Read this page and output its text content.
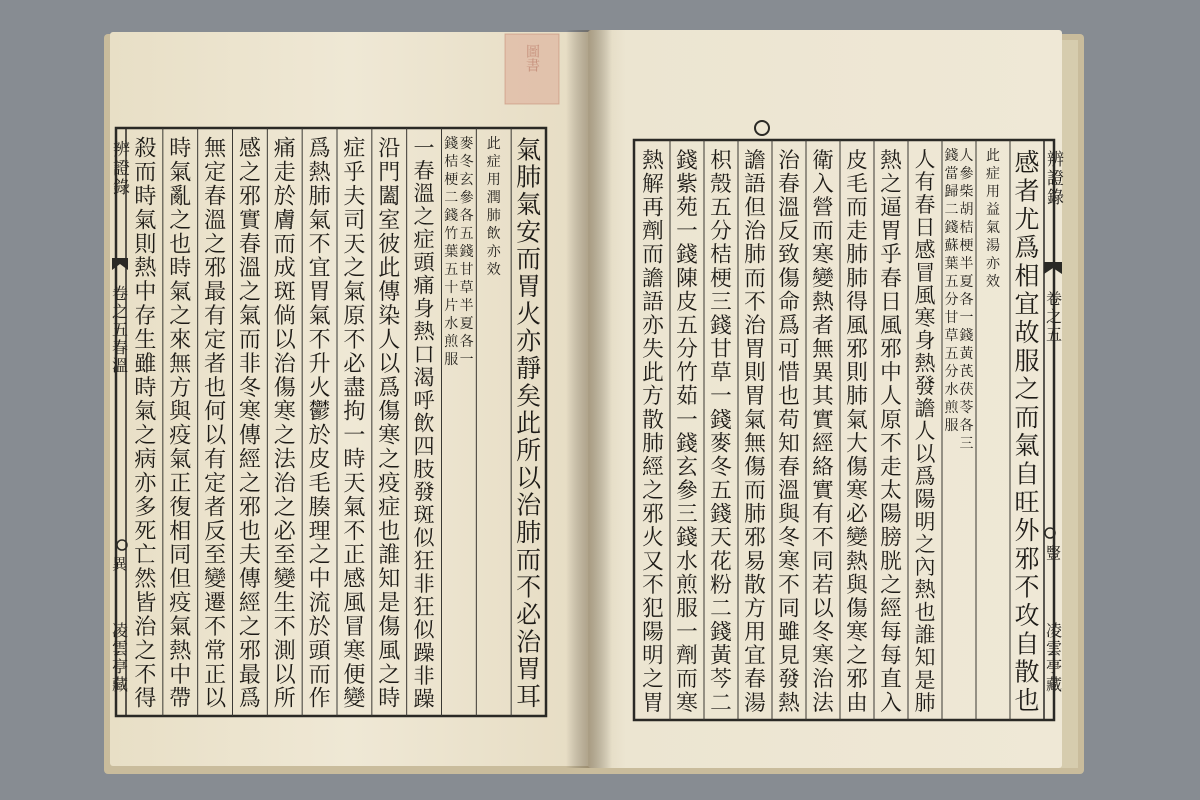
圖書
氣
肺
氣
安
而
胃
火
亦
靜
矣
此
所
以
治
肺
而
不
必
治
胃
耳
此
症
用
潤
肺
飲
亦
效
麥
冬
玄
參
各
五
錢
甘
草
半
夏
各
一
錢
桔
梗
二
錢
竹
葉
五
十
片
水
煎
服
一
春
溫
之
症
頭
痛
身
熱
口
渴
呼
飲
四
肢
發
斑
似
狂
非
狂
似
躁
非
躁
沿
門
闔
室
彼
此
傳
染
人
以
爲
傷
寒
之
疫
症
也
誰
知
是
傷
風
之
時
症
乎
夫
司
天
之
氣
原
不
必
盡
拘
一
時
天
氣
不
正
感
風
冒
寒
便
變
爲
熱
肺
氣
不
宜
胃
氣
不
升
火
鬱
於
皮
毛
腠
理
之
中
流
於
頭
而
作
痛
走
於
膚
而
成
斑
倘
以
治
傷
寒
之
法
治
之
必
至
變
生
不
測
以
所
感
之
邪
實
春
溫
之
氣
而
非
冬
寒
傳
經
之
邪
也
夫
傳
經
之
邪
最
爲
無
定
春
溫
之
邪
最
有
定
者
也
何
以
有
定
者
反
至
變
遷
不
常
正
以
時
氣
亂
之
也
時
氣
之
來
無
方
與
疫
氣
正
復
相
同
但
疫
氣
熱
中
帶
殺
而
時
氣
則
熱
中
存
生
雖
時
氣
之
病
亦
多
死
亡
然
皆
治
之
不
得
感
者
尤
爲
相
宜
故
服
之
而
氣
自
旺
外
邪
不
攻
自
散
也
此
症
用
益
氣
湯
亦
效
人
參
柴
胡
桔
梗
半
夏
各
一
錢
黃
芪
茯
苓
各
三
錢
當
歸
二
錢
蘇
葉
五
分
甘
草
五
分
水
煎
服
人
有
春
日
感
冒
風
寒
身
熱
發
譫
人
以
爲
陽
明
之
內
熱
也
誰
知
是
肺
熱
之
逼
胃
乎
春
日
風
邪
中
人
原
不
走
太
陽
膀
胱
之
經
每
每
直
入
皮
毛
而
走
肺
肺
得
風
邪
則
肺
氣
大
傷
寒
必
變
熱
與
傷
寒
之
邪
由
衛
入
營
而
寒
變
熱
者
無
異
其
實
經
絡
實
有
不
同
若
以
冬
寒
治
法
治
春
溫
反
致
傷
命
爲
可
惜
也
苟
知
春
溫
與
冬
寒
不
同
雖
見
發
熱
譫
語
但
治
肺
而
不
治
胃
則
胃
氣
無
傷
而
肺
邪
易
散
方
用
宜
春
湯
枳
殼
五
分
桔
梗
三
錢
甘
草
一
錢
麥
冬
五
錢
天
花
粉
二
錢
黃
芩
二
錢
紫
苑
一
錢
陳
皮
五
分
竹
茹
一
錢
玄
參
三
錢
水
煎
服
一
劑
而
寒
熱
解
再
劑
而
譫
語
亦
失
此
方
散
肺
經
之
邪
火
又
不
犯
陽
明
之
胃
辨證錄
卷之五春溫
異
凌雲亭藏
辨證錄
卷之五
豎
凌雲亭藏
